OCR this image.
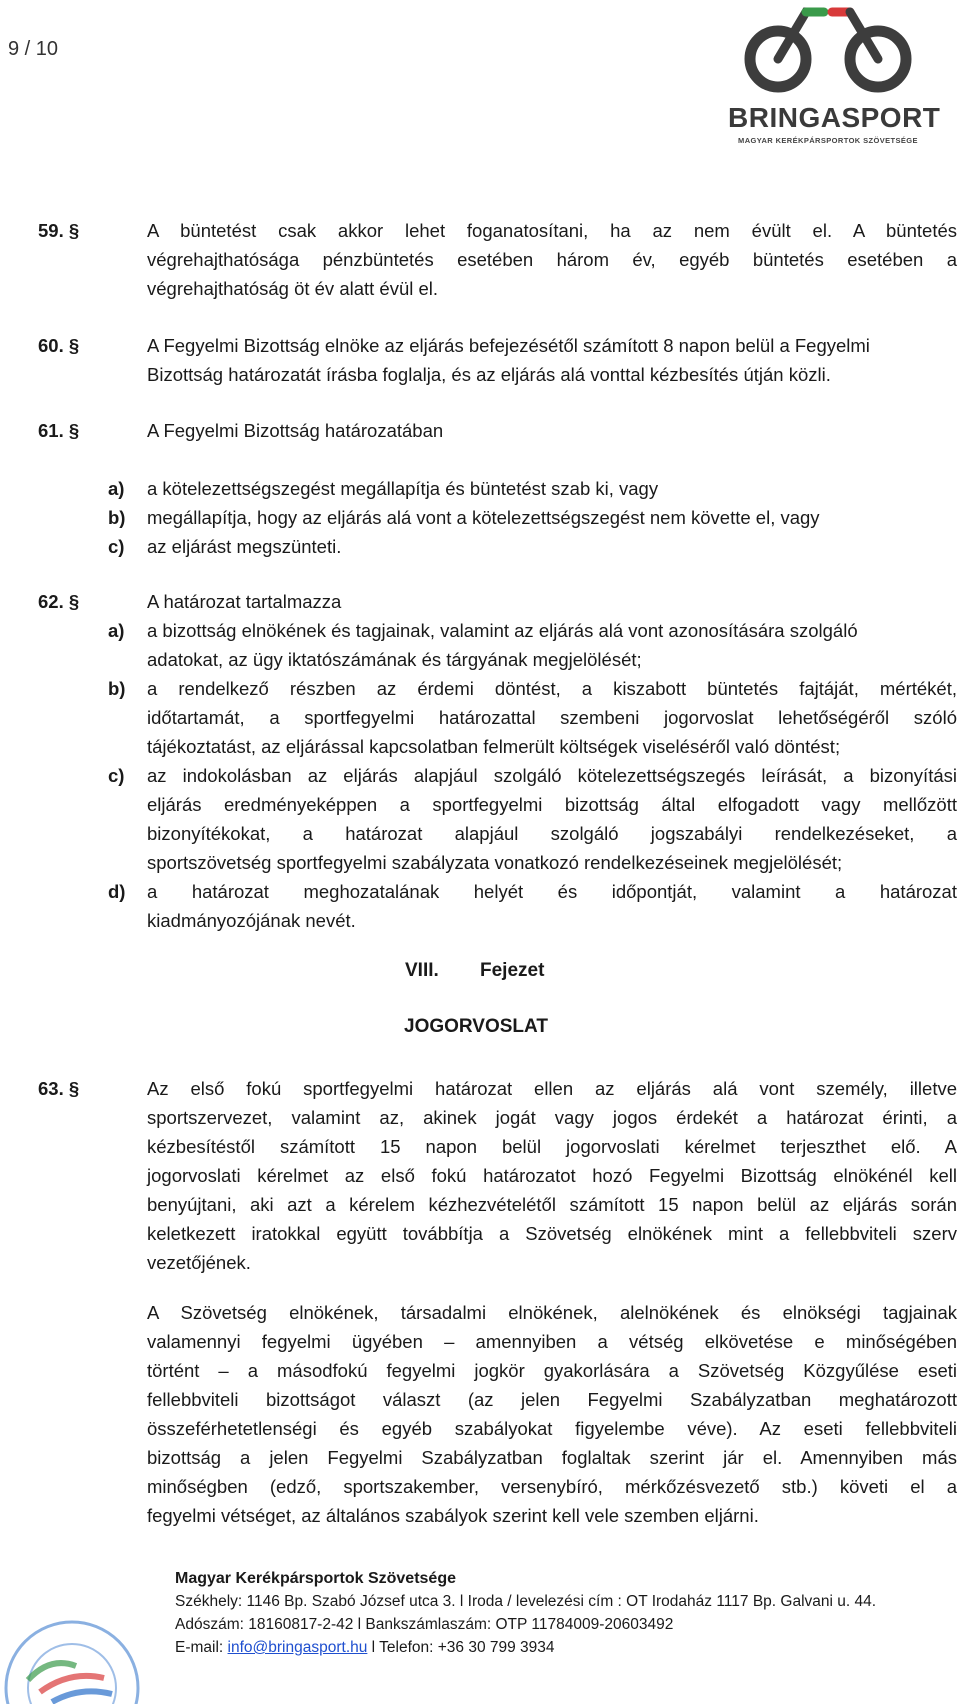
9 / 10
BRINGASPORT
MAGYAR KERÉKPÁRSPORTOK SZÖVETSÉGE
59. §	A büntetést csak akkor lehet foganatosítani, ha az nem évült el. A büntetés
végrehajthatósága pénzbüntetés esetében három év, egyéb büntetés esetében a
végrehajthatóság öt év alatt évül el.
60. §	A Fegyelmi Bizottság elnöke az eljárás befejezésétől számított 8 napon belül a Fegyelmi
Bizottság határozatát írásba foglalja, és az eljárás alá vonttal kézbesítés útján közli.
61. §	A Fegyelmi Bizottság határozatában
a) a kötelezettségszegést megállapítja és büntetést szab ki, vagy
b) megállapítja, hogy az eljárás alá vont a kötelezettségszegést nem követte el, vagy
c) az eljárást megszünteti.
62. §	A határozat tartalmazza
a) a bizottság elnökének és tagjainak, valamint az eljárás alá vont azonosítására szolgáló
adatokat, az ügy iktatószámának és tárgyának megjelölését;
b) a rendelkező részben az érdemi döntést, a kiszabott büntetés fajtáját, mértékét,
időtartamát, a sportfegyelmi határozattal szembeni jogorvoslat lehetőségéről szóló
tájékoztatást, az eljárással kapcsolatban felmerült költségek viseléséről való döntést;
c) az indokolásban az eljárás alapjául szolgáló kötelezettségszegés leírását, a bizonyítási
eljárás eredményeképpen a sportfegyelmi bizottság által elfogadott vagy mellőzött
bizonyítékokat, a határozat alapjául szolgáló jogszabályi rendelkezéseket, a
sportszövetség sportfegyelmi szabályzata vonatkozó rendelkezéseinek megjelölését;
d) a határozat meghozatalának helyét és időpontját, valamint a határozat
kiadmányozójának nevét.
VIII. Fejezet
JOGORVOSLAT
63. §	Az első fokú sportfegyelmi határozat ellen az eljárás alá vont személy, illetve
sportszervezet, valamint az, akinek jogát vagy jogos érdekét a határozat érinti, a
kézbesítéstől számított 15 napon belül jogorvoslati kérelmet terjeszthet elő. A
jogorvoslati kérelmet az első fokú határozatot hozó Fegyelmi Bizottság elnökénél kell
benyújtani, aki azt a kérelem kézhezvételétől számított 15 napon belül az eljárás során
keletkezett iratokkal együtt továbbítja a Szövetség elnökének mint a fellebbviteli szerv
vezetőjének.
A Szövetség elnökének, társadalmi elnökének, alelnökének és elnökségi tagjainak
valamennyi fegyelmi ügyében – amennyiben a vétség elkövetése e minőségében
történt – a másodfokú fegyelmi jogkör gyakorlására a Szövetség Közgyűlése eseti
fellebbviteli bizottságot választ (az jelen Fegyelmi Szabályzatban meghatározott
összeférhetetlenségi és egyéb szabályokat figyelembe véve). Az eseti fellebbviteli
bizottság a jelen Fegyelmi Szabályzatban foglaltak szerint jár el. Amennyiben más
minőségben (edző, sportszakember, versenybíró, mérkőzésvezető stb.) követi el a
fegyelmi vétséget, az általános szabályok szerint kell vele szemben eljárni.
Magyar Kerékpársportok Szövetsége
Székhely: 1146 Bp. Szabó József utca 3. l Iroda / levelezési cím : OT Irodaház 1117 Bp. Galvani u. 44.
Adószám: 18160817-2-42 l Bankszámlaszám: OTP 11784009-20603492
E-mail: info@bringasport.hu l Telefon: +36 30 799 3934
